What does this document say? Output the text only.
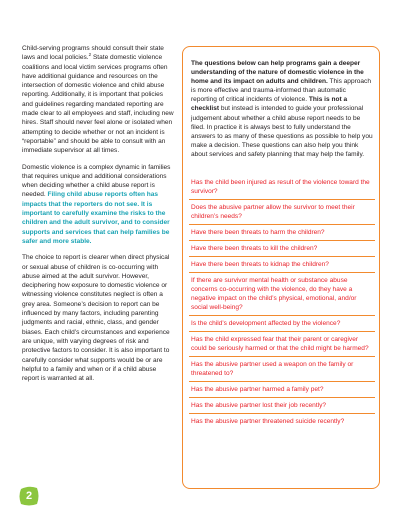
Child-serving programs should consult their state laws and local policies.$^2$ State domestic violence coalitions and local victim services programs often have additional guidance and resources on the intersection of domestic violence and child abuse reporting. Additionally, it is important that policies and guidelines regarding mandated reporting are made clear to all employees and staff, including new hires. Staff should never feel alone or isolated when attempting to decide whether or not an incident is “reportable” and should be able to consult with an immediate supervisor at all times.

Domestic violence is a complex dynamic in families that requires unique and additional considerations when deciding whether a child abuse report is needed. Filing child abuse reports often has impacts that the reporters do not see. It is important to carefully examine the risks to the children and the adult survivor, and to consider supports and services that can help families be safer and more stable.

The choice to report is clearer when direct physical or sexual abuse of children is co-occurring with abuse aimed at the adult survivor. However, deciphering how exposure to domestic violence or witnessing violence constitutes neglect is often a grey area. Someone’s decision to report can be influenced by many factors, including parenting judgments and racial, ethnic, class, and gender biases. Each child’s circumstances and experience are unique, with varying degrees of risk and protective factors to consider. It is also important to carefully consider what supports would be or are helpful to a family and when or if a child abuse report is warranted at all.

The questions below can help programs gain a deeper understanding of the nature of domestic violence in the home and its impact on adults and children. This approach is more effective and trauma-informed than automatic reporting of critical incidents of violence. This is not a checklist but instead is intended to guide your professional judgement about whether a child abuse report needs to be filed. In practice it is always best to fully understand the answers to as many of these questions as possible to help you make a decision. These questions can also help you think about services and safety planning that may help the family.

Has the child been injured as result of the violence toward the survivor?
Does the abusive partner allow the survivor to meet their children’s needs?
Have there been threats to harm the children?
Have there been threats to kill the children?
Have there been threats to kidnap the children?
If there are survivor mental health or substance abuse concerns co-occurring with the violence, do they have a negative impact on the child’s physical, emotional, and/or social well-being?
Is the child’s development affected by the violence?
Has the child expressed fear that their parent or caregiver could be seriously harmed or that the child might be harmed?
Has the abusive partner used a weapon on the family or threatened to?
Has the abusive partner harmed a family pet?
Has the abusive partner lost their job recently?
Has the abusive partner threatened suicide recently?
2
